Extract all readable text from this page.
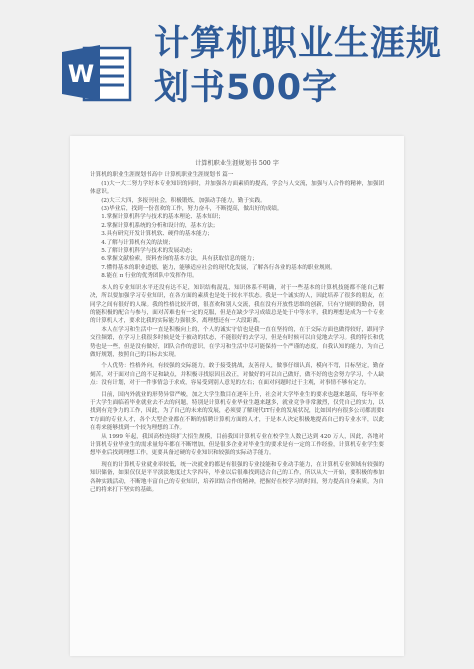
W
计算机职业生涯规划书500字
计算机职业生涯规划书 500 字
计算机的职业生涯规划书高中 计算机职业生涯规划书 篇一
(1)大一大二努力学好本专业知识的同时，并加强各方面素质的提高，学会与人交流，加强与人合作的精神，加强团体意识。
(2)大三大四，多报刊社会，积极锻炼，加强动手能力，勤于实践。
(3)毕业后，找到一份喜欢的工作，努力奋斗，不断提高，做出好的成绩。
1.掌握计算机科学与技术的基本理论、基本知识；
2.掌握计算机系统的分析和设计的，基本方法；
3.具有研究开发计算机软、硬件的基本能力；
4.了解与计算机有关的法规；
5.了解计算机科学与技术的发展动态；
6.掌握文献检索，资料查询的基本方法，具有获取信息的能力；
7.懂得基本的职业道德，能力，能够适应社会的现代化发展，了解各行各业的基本的职业规则。
8.能在 π 行业的优秀团队中发挥作用。
本人的专业知识水平还没有达不足，知识结构混乱，知识体系不明确，对于一些基本的计算机技能都不能自己解决，所以要加强学习专业知识，在各方面的素质也是处于较水平状态。我是一个诚实的人，因此培养了很多的朋友，在同学之间有很好的人缘。我的性格比较开朗，很喜欢和别人交流，我在没有开放性思维的创新，只有守规则的勤奋，别的能积极的配合与参与，面对苦难也有一定的克服，但是在缺少学习成绩总是处于中等水平，我的理想是成为一个专业的计算机人才，要求比我的实际能力强很多，离理想还有一大段距离。
本人在学习和生活中一直是积极向上的，个人的诚实守信也是我一直在坚持的，在于交际方面也做得较好，跟同学交往频繁，在学习上我很多时候是处于被动的状态，不能很好的去学习，但是有时候可以自觉地去学习。我的特长和优势也是一些，但是没有做好，团队合作的意识，在学习和生活中尽可能保持一个严谨的态度，自我认知的能力，为自己做好规划，按照自己的目标去实现。
个人优势：性格外向，有较强的交际能力，敢于接受挑战，友善待人，做事仔细认真，模向不弯，目标坚定，勤奋刻苦，对于面对自己的不足和缺点，并积极寻找原因且改正，对做好的可以自己做好，做不好的也会努力学习，个人缺点：没有计划，对于一件事情急于求成，容易受到别人意见的左右；在面对问题时过于主观，对事情不够有定力。
目前，国内外就业的形势异常严峻，加之大学生数目在逐年上升，社会对大学毕业生的要求也越来越高，每年毕业于大学生面临着毕业就业去不去的问题，特别是计算机专业毕业生越来越多，就业竞争非常激烈，仅凭自己的实力，以找到有竞争力的工作，因此，为了自己的未来的发展，必须要了解现代IT行业的发展状况，比如国内有很多公司都需要IT方面的专业人才，各个大型企业都在不断的招聘计算机方面的人才，于是本人决定积极地提高自己的专业水平，以此在将来能够找到一个较为理想的工作。
从 1999 年起，我国高校连续扩大招生规模，目前我国计算机专业在校学生人数已达到 420 万人，因此，各地对计算机专业毕业生的需求量每年都在不断增加，但是很多企业对毕业生的要求是有一定的工作经验，计算机专业学生要想毕业后找到理想工作，更要具备过硬的专业知识和较强的实际动手能力。
现在的计算机专业就业率较低，统一决就业的都是有很强的专业技能和专业动手能力，在计算机专业领域有较强的知识储备，如果仅仅是平平淡淡地度过大学四年，毕业以后很难找到适合自己的工作，所以从大一开始，要积极的参加各种实践活动，不断地丰富自己的专业知识，培养团结合作的精神，把握好在校学习的时间，努力提高自身素质，为自己的将来打下坚实的基础。
